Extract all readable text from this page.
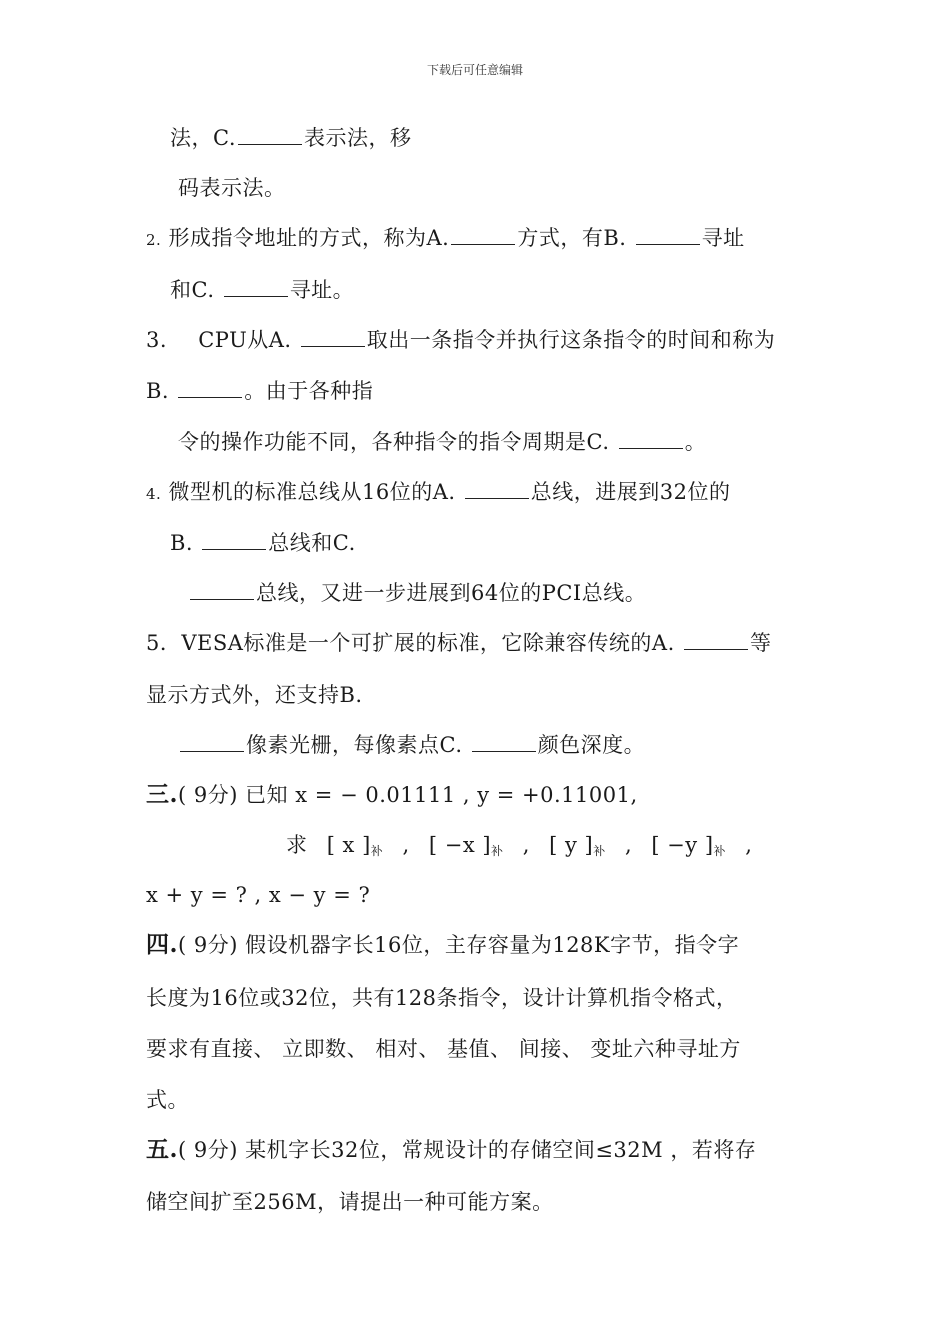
下载后可任意编辑
法，C.	表示法，移
码表示法。
2. 形成指令地址的方式，称为A.	方式，有B.	寻址
和C.	寻址。
3. CPU从A.	取出一条指令并执行这条指令的时间和称为
B.	。由于各种指
令的操作功能不同，各种指令的指令周期是C.	。
4. 微型机的标准总线从16位的A.	总线，进展到32位的
B.	总线和C.
总线，又进一步进展到64位的PCI总线。
5．VESA标准是一个可扩展的标准，它除兼容传统的A.	等
显示方式外，还支持B.
像素光栅，每像素点C.	颜色深度。
三.( 9分) 已知 x = − 0.01111 , y = +0.11001,
求 [ x ]$_补$ , [ −x ]$_补$ , [ y ]$_补$ , [ −y ]$_补$ ,
x + y = ? , x − y = ?
四.( 9分) 假设机器字长16位，主存容量为128K字节，指令字
长度为16位或32位，共有128条指令，设计计算机指令格式，
要求有直接、 立即数、 相对、 基值、 间接、 变址六种寻址方
式。
五.( 9分) 某机字长32位，常规设计的存储空间≤32M ，若将存
储空间扩至256M，请提出一种可能方案。
